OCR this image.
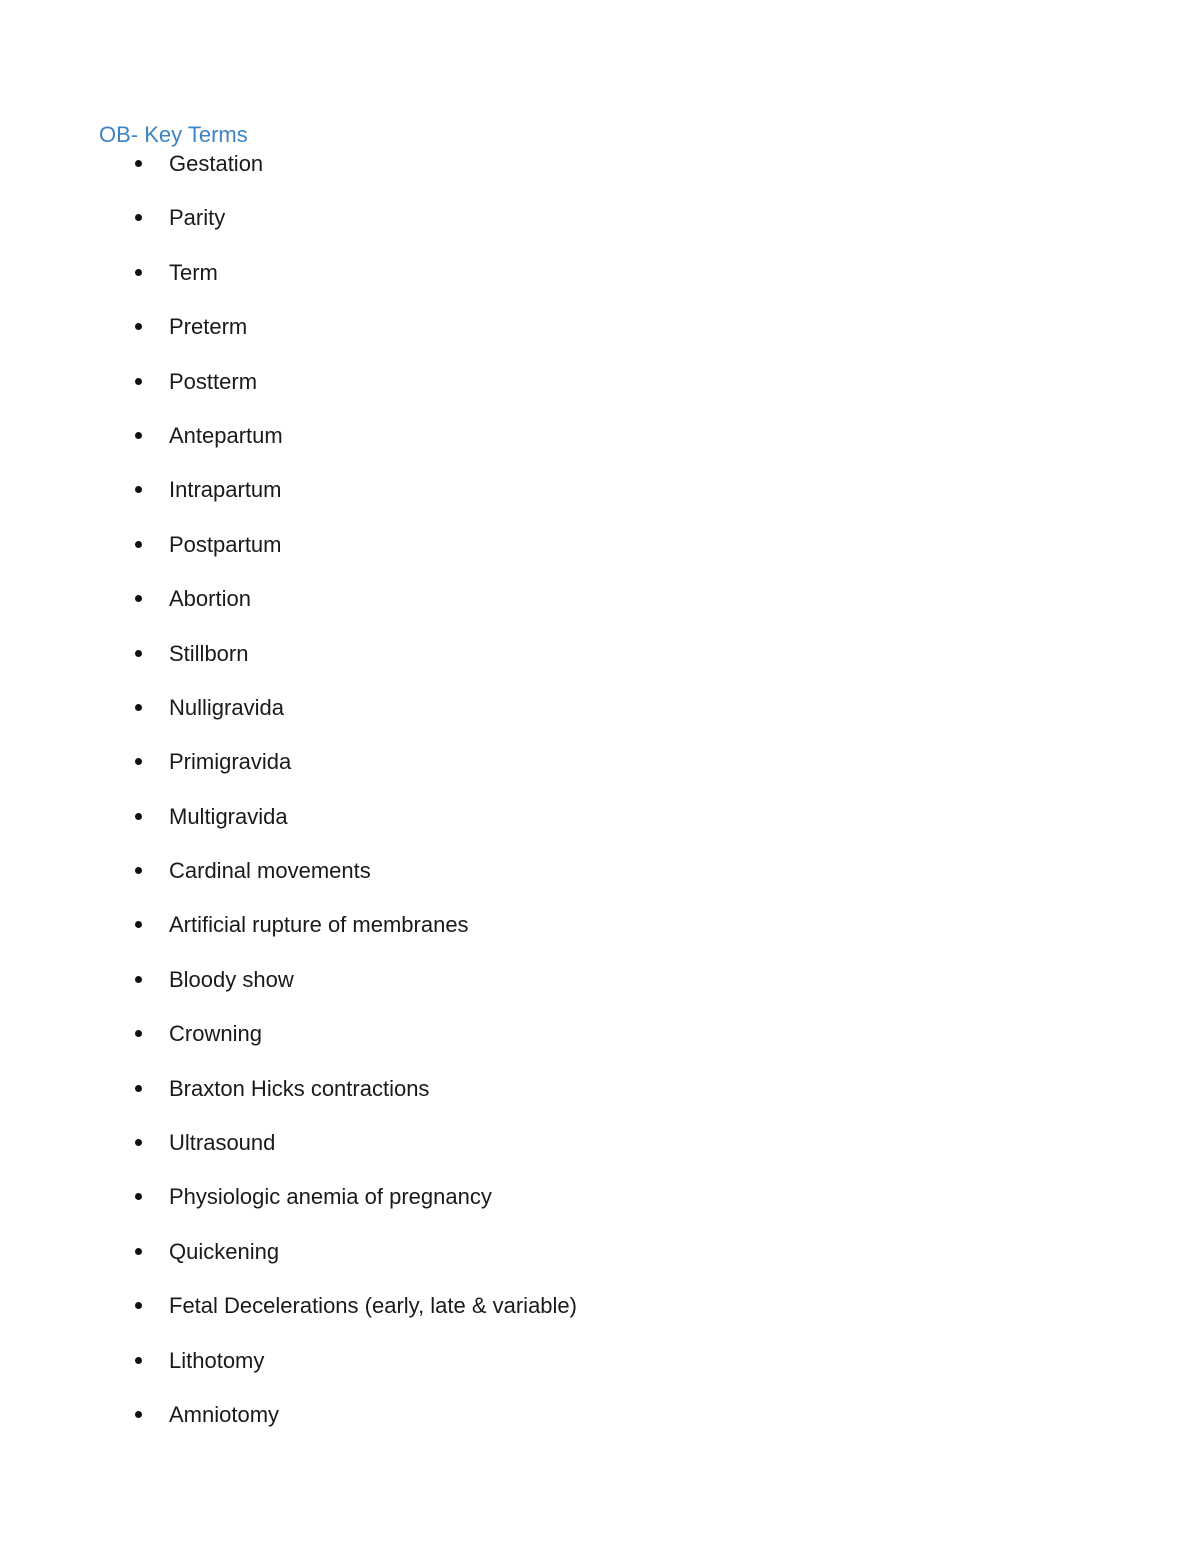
OB- Key Terms
Gestation
Parity
Term
Preterm
Postterm
Antepartum
Intrapartum
Postpartum
Abortion
Stillborn
Nulligravida
Primigravida
Multigravida
Cardinal movements
Artificial rupture of membranes
Bloody show
Crowning
Braxton Hicks contractions
Ultrasound
Physiologic anemia of pregnancy
Quickening
Fetal Decelerations (early, late & variable)
Lithotomy
Amniotomy
